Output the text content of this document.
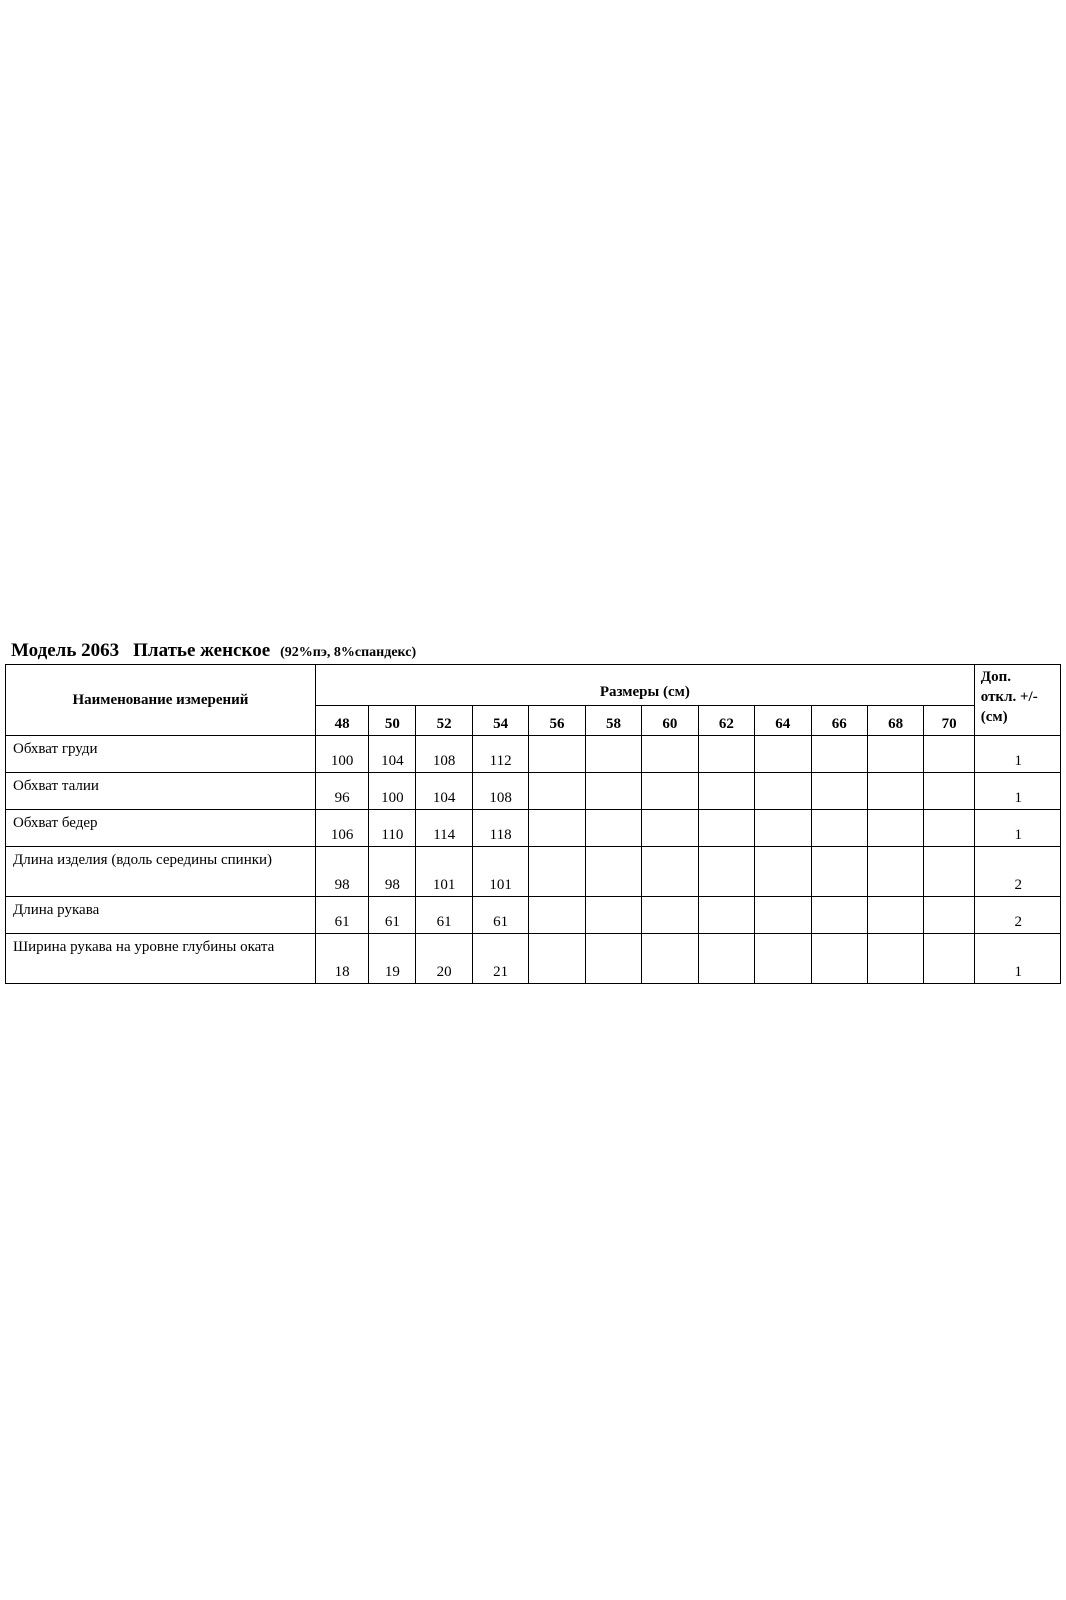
Модель 2063 Платье женское (92%пэ, 8%спандекс)
Наименование измерений	Размеры (см)												Доп.
откл. +/-
(см)

	48	50	52	54	56	58	60	62	64	66	68	70	
Обхват груди	100	104	108	112									1
Обхват талии	96	100	104	108									1
Обхват бедер	106	110	114	118									1
Длина изделия (вдоль середины спинки)	98	98	101	101									2
Длина рукава	61	61	61	61									2
Ширина рукава на уровне глубины оката	18	19	20	21									1
